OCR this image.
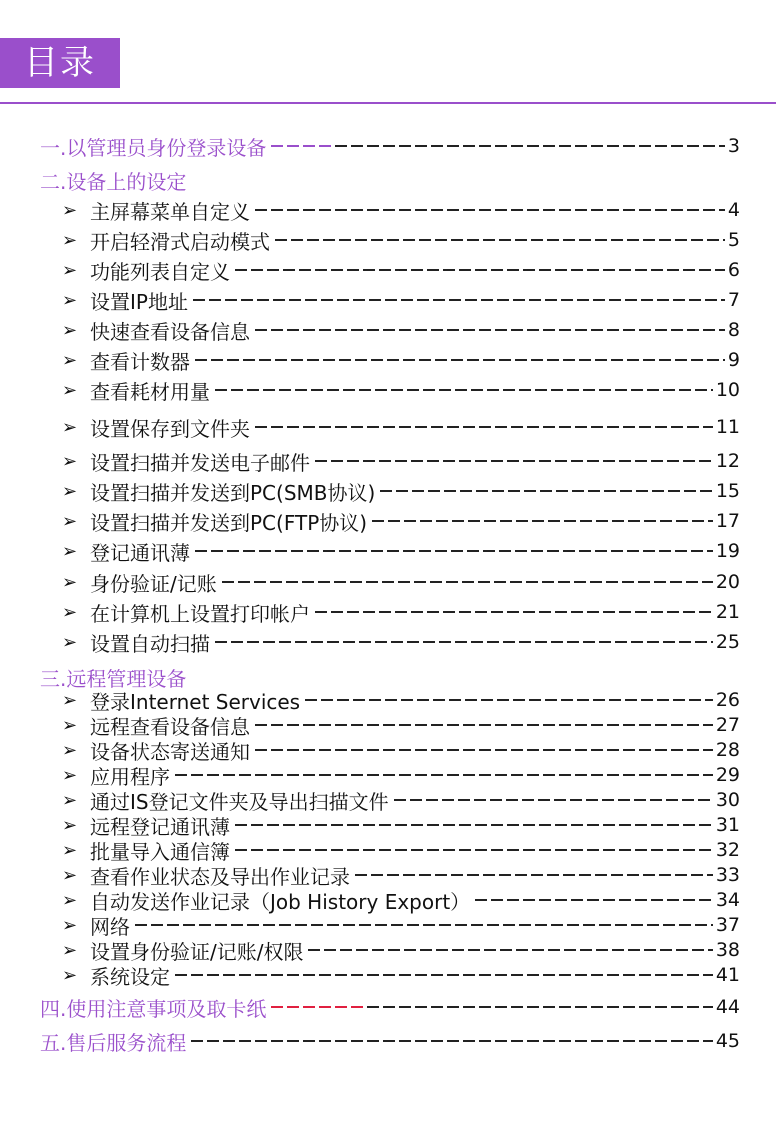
目录
一. 以管理员身份登录设备	3
二. 设备上的设定
➢ 主屏幕菜单自定义	4
➢ 开启轻滑式启动模式	5
➢ 功能列表自定义	6
➢ 设置IP地址	7
➢ 快速查看设备信息	8
➢ 查看计数器	9
➢ 查看耗材用量	10
➢ 设置保存到文件夹	11
➢ 设置扫描并发送电子邮件	12
➢ 设置扫描并发送到PC(SMB协议)	15
➢ 设置扫描并发送到PC(FTP协议)	17
➢ 登记通讯薄	19
➢ 身份验证/记账	20
➢ 在计算机上设置打印帐户	21
➢ 设置自动扫描	25
三. 远程管理设备
➢ 登录Internet Services	26
➢ 远程查看设备信息	27
➢ 设备状态寄送通知	28
➢ 应用程序	29
➢ 通过IS登记文件夹及导出扫描文件	30
➢ 远程登记通讯薄	31
➢ 批量导入通信簿	32
➢ 查看作业状态及导出作业记录	33
➢ 自动发送作业记录（Job History Export）	34
➢ 网络	37
➢ 设置身份验证/记账/权限	38
➢ 系统设定	41
四. 使用注意事项及取卡纸	44
五. 售后服务流程	45
